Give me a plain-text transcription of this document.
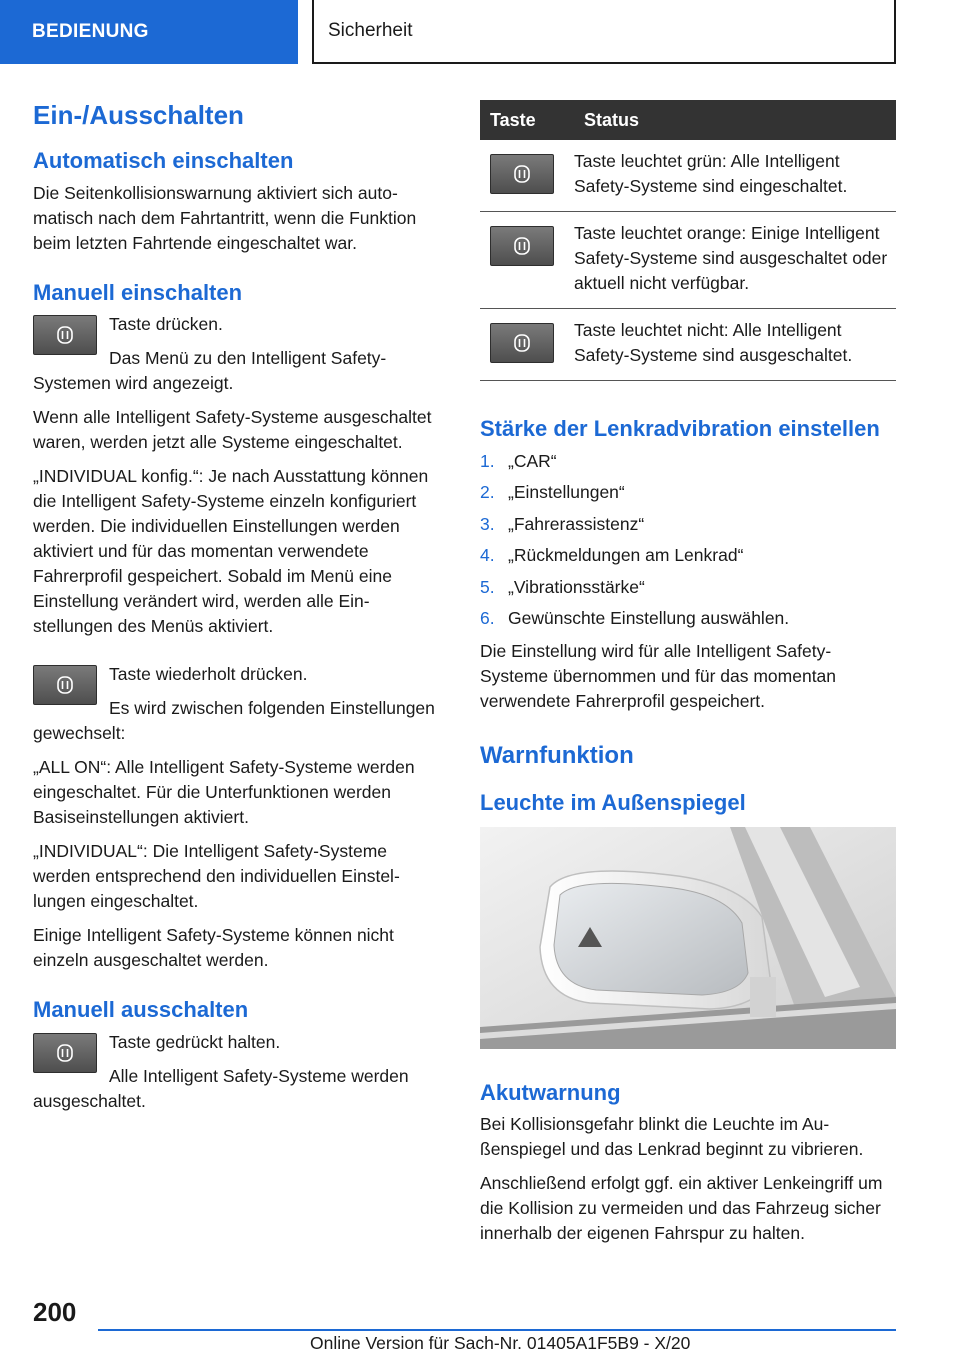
BEDIENUNG	Sicherheit
Ein-/Ausschalten
Automatisch einschalten

Die Seitenkollisionswarnung aktiviert sich automatisch nach dem Fahrtantritt, wenn die Funktion beim letzten Fahrtende eingeschaltet war.

Manuell einschalten

Taste drücken.

Das Menü zu den Intelligent Safety-Systemen wird angezeigt.

Wenn alle Intelligent Safety-Systeme ausgeschaltet waren, werden jetzt alle Systeme eingeschaltet.

„INDIVIDUAL konfig.“: Je nach Ausstattung können die Intelligent Safety-Systeme einzeln konfiguriert werden. Die individuellen Einstellungen werden aktiviert und für das momentan verwendete Fahrerprofil gespeichert. Sobald im Menü eine Einstellung verändert wird, werden alle Einstellungen des Menüs aktiviert.

Taste wiederholt drücken.

Es wird zwischen folgenden Einstellungen gewechselt:

„ALL ON“: Alle Intelligent Safety-Systeme werden eingeschaltet. Für die Unterfunktionen werden Basiseinstellungen aktiviert.

„INDIVIDUAL“: Die Intelligent Safety-Systeme werden entsprechend den individuellen Einstellungen eingeschaltet.

Einige Intelligent Safety-Systeme können nicht einzeln ausgeschaltet werden.

Manuell ausschalten

Taste gedrückt halten.

Alle Intelligent Safety-Systeme werden ausgeschaltet.

Taste	Status

	Taste leuchtet grün: Alle Intelligent Safety-Systeme sind eingeschaltet.

	Taste leuchtet orange: Einige Intelligent Safety-Systeme sind ausgeschaltet oder aktuell nicht verfügbar.

	Taste leuchtet nicht: Alle Intelligent Safety-Systeme sind ausgeschaltet.
Stärke der Lenkradvibration einstellen
1. „CAR“
2. „Einstellungen“
3. „Fahrerassistenz“
4. „Rückmeldungen am Lenkrad“
5. „Vibrationsstärke“
6. Gewünschte Einstellung auswählen.

Die Einstellung wird für alle Intelligent Safety-Systeme übernommen und für das momentan verwendete Fahrerprofil gespeichert.

Warnfunktion
Leuchte im Außenspiegel
Akutwarnung

Bei Kollisionsgefahr blinkt die Leuchte im Außenspiegel und das Lenkrad beginnt zu vibrieren.

Anschließend erfolgt ggf. ein aktiver Lenkeingriff um die Kollision zu vermeiden und das Fahrzeug sicher innerhalb der eigenen Fahrspur zu halten.

200
Online Version für Sach-Nr. 01405A1F5B9 - X/20
